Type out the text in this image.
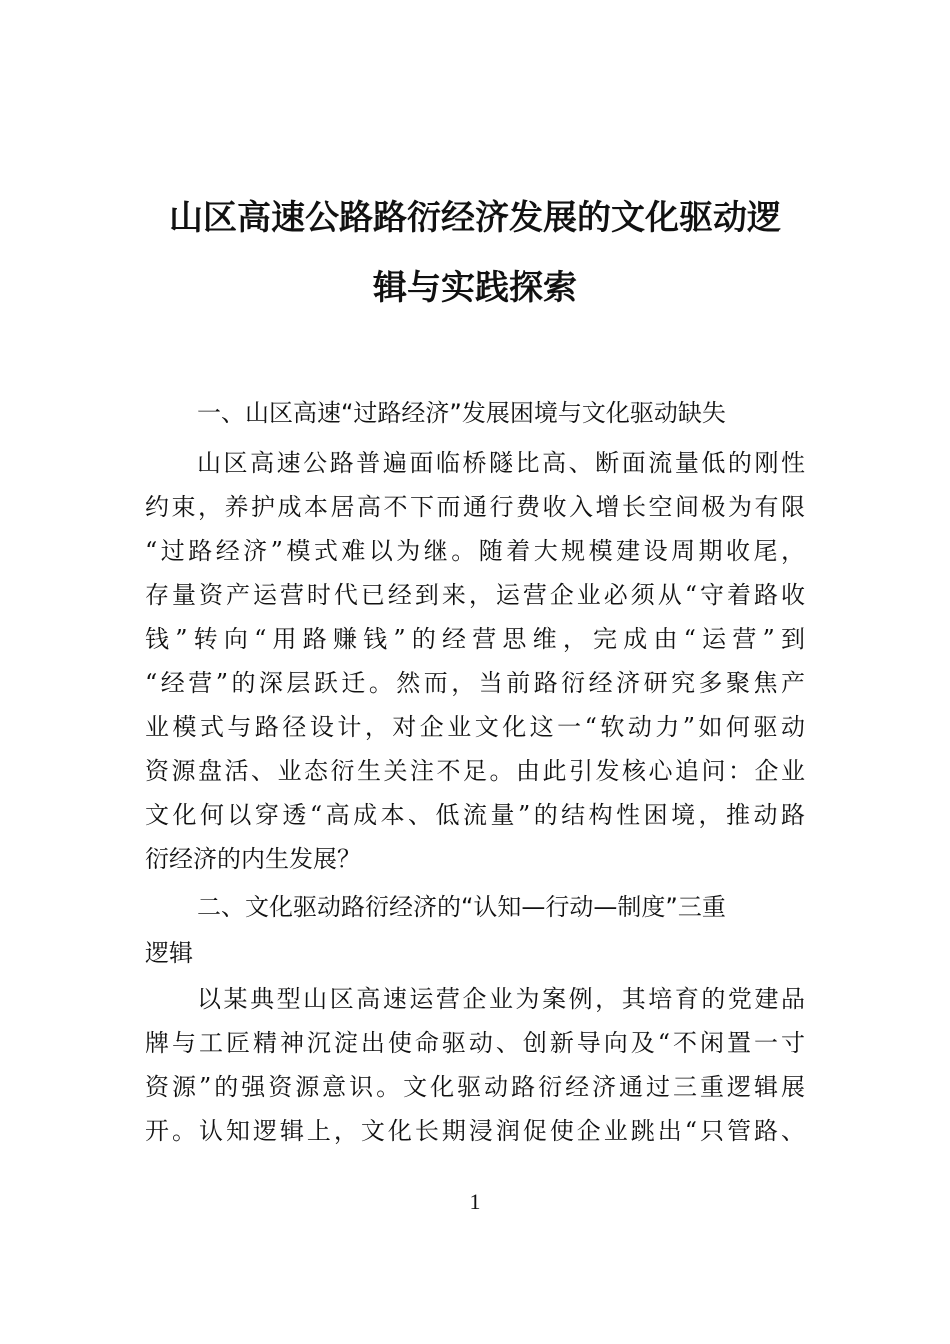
山区高速公路路衍经济发展的文化驱动逻
辑与实践探索
一、山区高速“过路经济”发展困境与文化驱动缺失
山区高速公路普遍面临桥隧比高、断面流量低的刚性
约束，养护成本居高不下而通行费收入增长空间极为有限
“过路经济”模式难以为继。随着大规模建设周期收尾，
存量资产运营时代已经到来，运营企业必须从“守着路收
钱”转向“用路赚钱”的经营思维，完成由“运营”到
“经营”的深层跃迁。然而，当前路衍经济研究多聚焦产
业模式与路径设计，对企业文化这一“软动力”如何驱动
资源盘活、业态衍生关注不足。由此引发核心追问：企业
文化何以穿透“高成本、低流量”的结构性困境，推动路
衍经济的内生发展？
二、文化驱动路衍经济的“认知—行动—制度”三重
逻辑
以某典型山区高速运营企业为案例，其培育的党建品
牌与工匠精神沉淀出使命驱动、创新导向及“不闲置一寸
资源”的强资源意识。文化驱动路衍经济通过三重逻辑展
开。认知逻辑上，文化长期浸润促使企业跳出“只管路、
1
